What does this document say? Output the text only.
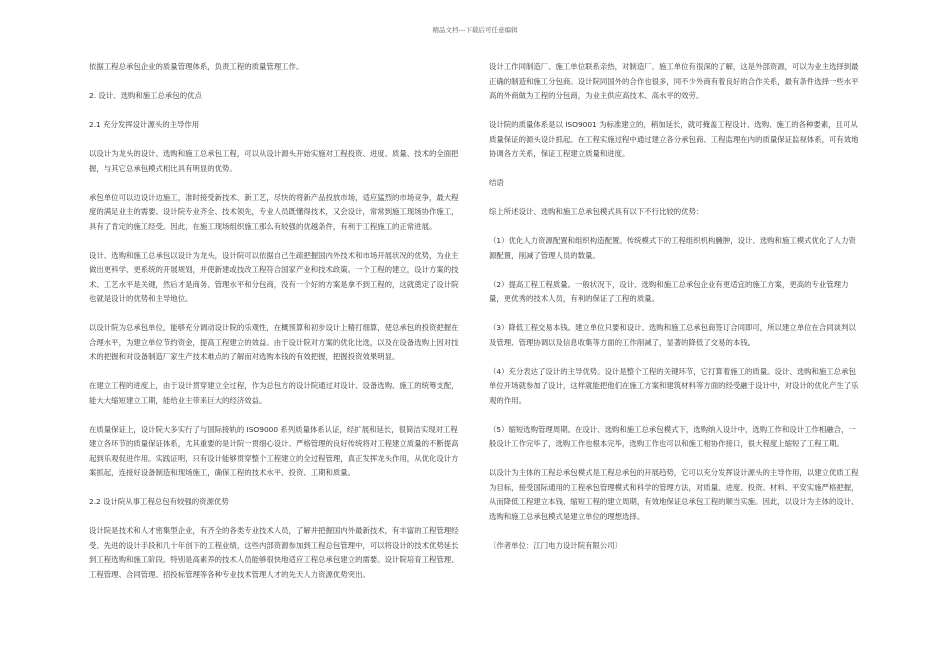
精品文档---下载后可任意编辑

依据工程总承包企业的质量管理体系，负责工程的质量管理工作。

2. 设计、选购和施工总承包的优点

2.1 充分发挥设计源头的主导作用

以设计为龙头的设计、选购和施工总承包工程，可以从设计源头开始实施对工程投资、进度、质量、技术的全面把握，与其它总承包模式相比具有明显的优势。

承包单位可以边设计边施工，准时接受新技术、新工艺，尽快的将新产品投放市场，适应猛烈的市场竞争，最大程度的满足业主的需要。设计院专业齐全、技术领先，专业人员既懂得技术，又会设计，常常到施工现场协作施工，具有了肯定的施工经受。因此，在施工现场组织施工那么有较强的优越条件，有利于工程施工的正常进展。

设计、选购和施工总承包以设计为龙头，设计院可以依据自己生疏把握国内外技术和市场开展状况的优势，为业主做出更科学、更系统的开展规划，并使新建或技改工程符合国家产业和技术政策。一个工程的建立，设计方案的技术、工艺水平是关键，然后才是商务、管理水平和分包商，没有一个好的方案是拿不到工程的，这就奠定了设计院也就是设计的优势和主导地位。

以设计院为总承包单位，能够充分调动设计院的乐观性，在概预算和初步设计上精打细算，使总承包的投资把握在合理水平，为建立单位节约资金，提高工程建立的效益。由于设计院对方案的优化比选，以及在设备选购上因对技术的把握和对设备制造厂家生产技术难点的了解而对选购本钱的有效把握，把握投资效果明显。

在建立工程的进度上，由于设计贯穿建立全过程，作为总包方的设计院通过对设计、设备选购、施工的统筹支配，能大大缩短建立工期，能给业主带来巨大的经济效益。

在质量保证上，设计院大多实行了与国际接轨的 ISO9000 系列质量体系认证，经扩展和延长，很简洁实现对工程建立各环节的质量保证体系，尤其重要的是计院一贯细心设计、严格管理的良好传统将对工程建立质量的不断提高起到乐观促进作用。实践证明，只有设计能够贯穿整个工程建立的全过程管理，真正发挥龙头作用，从优化设计方案抓起，连接好设备制造和现场施工，确保工程的技术水平、投资、工期和质量。

2.2 设计院从事工程总包有较强的资源优势

设计院是技术和人才密集型企业，有齐全的各类专业技术人员，了解并把握国内外最新技术，有丰富的工程管理经受、先进的设计手段和几十年创下的工程业绩，这些内部资源参加到工程总包管理中，可以将设计的技术优势延长到工程选购和施工阶段。特别是高素养的技术人员能够很快地适应工程总承包建立的需要。设计院培育工程管理、工程管理、合同管理、招投标管理等各种专业技术管理人才的先天人力资源优势突出。

设计工作同制造厂、施工单位联系亲热，对制造厂、施工单位有很深的了解，这是外部资源，可以为业主选择到最正确的制造和施工分包商。设计院同国外的合作也很多，同不少外商有着良好的合作关系，最有条件选择一些水平高的外商做为工程的分包商，为业主供应高技术、高水平的效劳。

设计院的质量体系是以 ISO9001 为标准建立的，稍加延长，就可掩盖工程设计、选购、施工的各种要素，且可从质量保证的源头设计抓起。在工程实施过程中通过建立各分承包商、工程监理在内的质量保证监视体系，可有效地协调各方关系，保证工程建立质量和进度。

结语

综上所述设计、选购和施工总承包模式具有以下不行比较的优势：

（1）优化人力资源配置和组织构造配置。传统模式下的工程组织机构臃肿，设计、选购和施工模式优化了人力资源配置，削减了管理人员的数量。

（2）提高工程工程质量。一般状况下，设计、选购和施工总承包企业有更适宜的施工方案，更高的专业管理力量，更优秀的技术人员，有利的保证了工程的质量。

（3）降低工程交易本钱。建立单位只要和设计、选购和施工总承包商签订合同即可，所以建立单位在合同谈判以及管理、管理协调以及信息收集等方面的工作削减了，显著的降低了交易的本钱。

（4）充分表达了设计的主导优势。设计是整个工程的关键环节，它打算着施工的质量。设计、选购和施工总承包单位开场就参加了设计，这样就能把他们在施工方案和建筑材料等方面的经受融于设计中，对设计的优化产生了乐观的作用。

（5）缩短选购管理周期。在设计、选购和施工总承包模式下，选购纳入设计中，选购工作和设计工作相融合，一般设计工作完毕了，选购工作也根本完毕，选购工作也可以和施工相协作接口，很大程度上缩短了工程工期。

以设计为主体的工程总承包模式是工程总承包的开展趋势，它可以充分发挥设计源头的主导作用，以建立优质工程为目标，接受国际通用的工程承包管理模式和科学的管理方法，对质量、进度、投资、材料、平安实施严格把握，从而降低工程建立本钱、缩短工程的建立周期，有效地保证总承包工程的顺当实施。因此，以设计为主体的设计、选购和施工总承包模式是建立单位的理想选择。

〔作者单位：江门电力设计院有限公司〕
